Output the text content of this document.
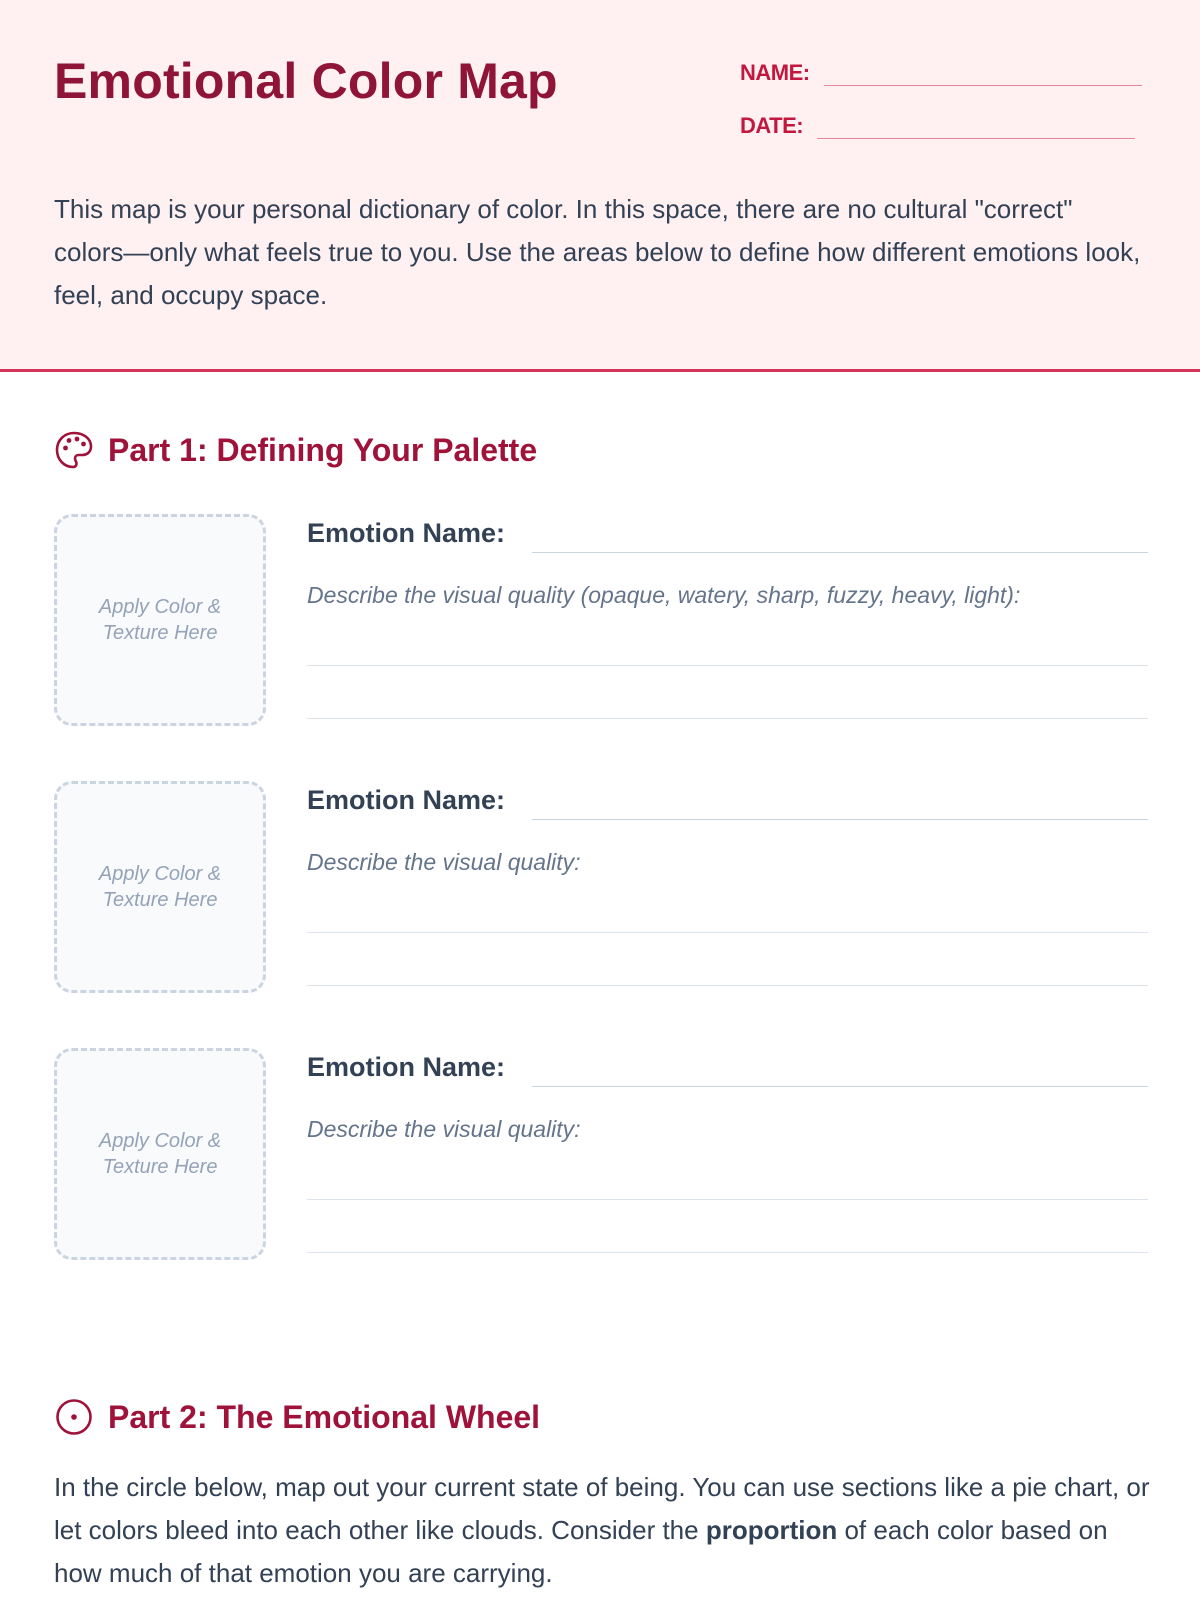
Emotional Color Map	NAME:
DATE:

This map is your personal dictionary of color. In this space, there are no cultural "correct" colors—only what feels true to you. Use the areas below to define how different emotions look, feel, and occupy space.

Part 1: Defining Your Palette
Apply Color & Texture Here
Emotion Name:
Describe the visual quality (opaque, watery, sharp, fuzzy, heavy, light):
Apply Color & Texture Here
Emotion Name:
Describe the visual quality:
Apply Color & Texture Here
Emotion Name:
Describe the visual quality:
Part 2: The Emotional Wheel

In the circle below, map out your current state of being. You can use sections like a pie chart, or let colors bleed into each other like clouds. Consider the proportion of each color based on how much of that emotion you are carrying.
